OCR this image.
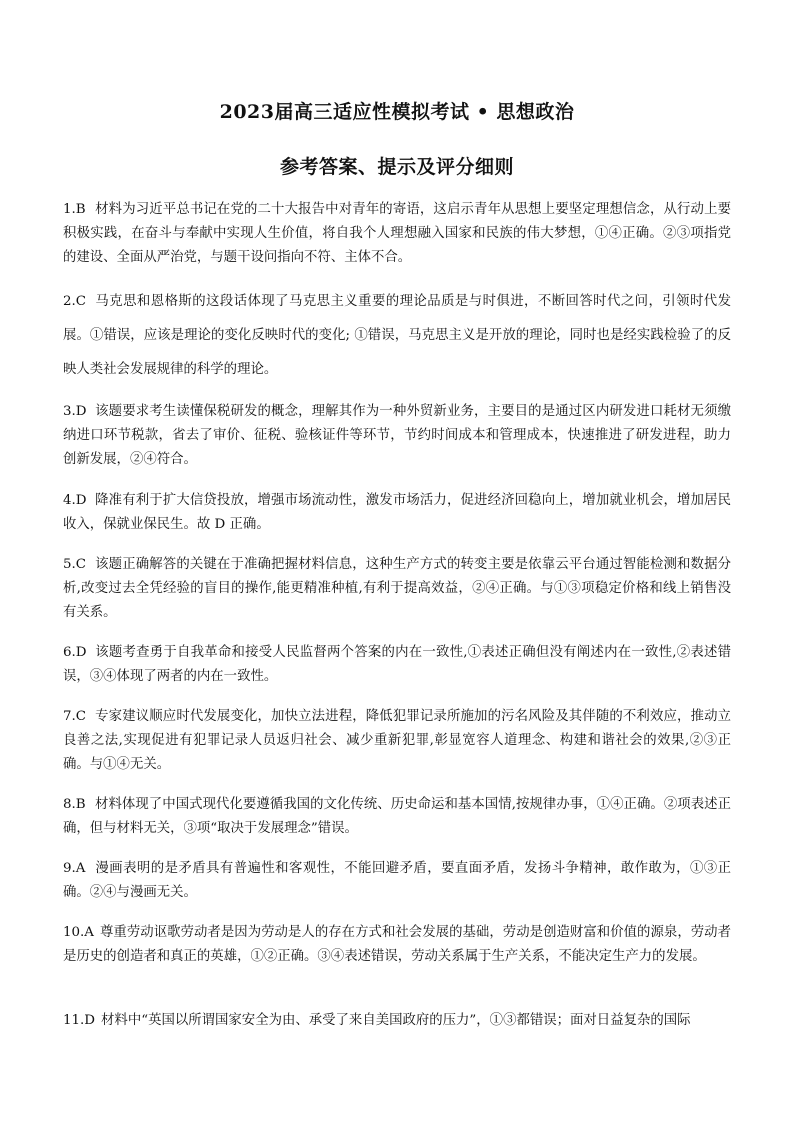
2023届高三适应性模拟考试 • 思想政治
参考答案、提示及评分细则

1.B 材料为习近平总书记在党的二十大报告中对青年的寄语，这启示青年从思想上要坚定理想信念，从行动上要积极实践，在奋斗与奉献中实现人生价值，将自我个人理想融入国家和民族的伟大梦想，①④正确。②③项指党的建设、全面从严治党，与题干设问指向不符、主体不合。

2.C 马克思和恩格斯的这段话体现了马克思主义重要的理论品质是与时俱进，不断回答时代之问，引领时代发展。①错误，应该是理论的变化反映时代的变化; ①错误，马克思主义是开放的理论，同时也是经实践检验了的反映人类社会发展规律的科学的理论。

3.D 该题要求考生读懂保税研发的概念，理解其作为一种外贸新业务，主要目的是通过区内研发进口耗材无须缴纳进口环节税款，省去了审价、征税、验核证件等环节，节约时间成本和管理成本，快速推进了研发进程，助力创新发展，②④符合。

4.D 降准有利于扩大信贷投放，增强市场流动性，激发市场活力，促进经济回稳向上，增加就业机会，增加居民收入，保就业保民生。故 D 正确。

5.C 该题正确解答的关键在于准确把握材料信息，这种生产方式的转变主要是依靠云平台通过智能检测和数据分析,改变过去全凭经验的盲目的操作,能更精准种植,有利于提高效益，②④正确。与①③项稳定价格和线上销售没有关系。

6.D 该题考查勇于自我革命和接受人民监督两个答案的内在一致性,①表述正确但没有阐述内在一致性,②表述错误，③④体现了两者的内在一致性。

7.C 专家建议顺应时代发展变化，加快立法进程，降低犯罪记录所施加的污名风险及其伴随的不利效应，推动立良善之法,实现促进有犯罪记录人员返归社会、减少重新犯罪,彰显宽容人道理念、构建和谐社会的效果,②③正确。与①④无关。

8.B 材料体现了中国式现代化要遵循我国的文化传统、历史命运和基本国情,按规律办事，①④正确。②项表述正确，但与材料无关，③项“取决于发展理念”错误。

9.A 漫画表明的是矛盾具有普遍性和客观性，不能回避矛盾，要直面矛盾，发扬斗争精神，敢作敢为，①③正确。②④与漫画无关。

10.A 尊重劳动讴歌劳动者是因为劳动是人的存在方式和社会发展的基础，劳动是创造财富和价值的源泉，劳动者是历史的创造者和真正的英雄，①②正确。③④表述错误，劳动关系属于生产关系，不能决定生产力的发展。

11.D 材料中“英国以所谓国家安全为由、承受了来自美国政府的压力”，①③都错误；面对日益复杂的国际
